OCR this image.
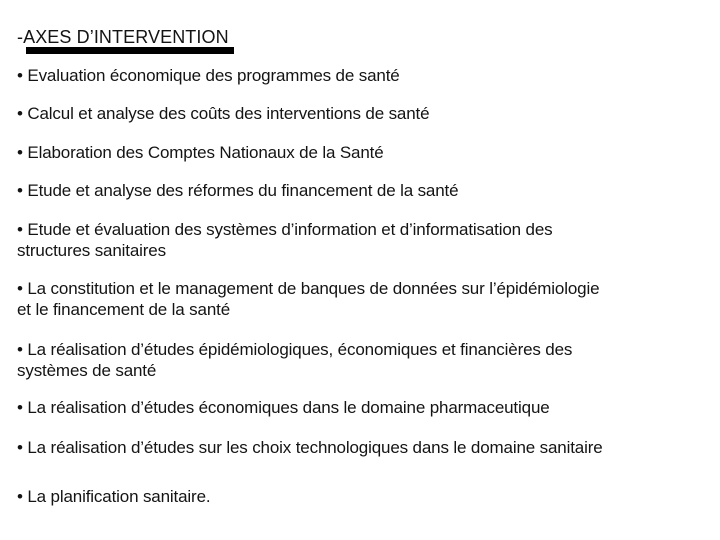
-AXES D’INTERVENTION
• Evaluation économique des programmes de santé
• Calcul et analyse des coûts des interventions de santé
• Elaboration des Comptes Nationaux de la Santé
• Etude et analyse des réformes du financement de la santé
• Etude et évaluation des systèmes d’information et d’informatisation des
structures sanitaires
• La constitution et le management de banques de données sur l’épidémiologie
et le financement de la santé
• La réalisation d’études épidémiologiques, économiques et financières des
systèmes de santé
• La réalisation d’études économiques dans le domaine pharmaceutique
• La réalisation d’études sur les choix technologiques dans le domaine sanitaire
• La planification sanitaire.
